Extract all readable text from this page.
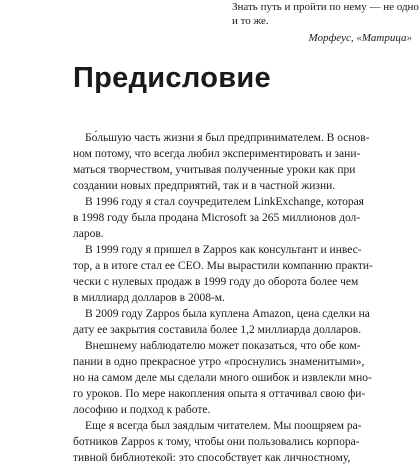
Знать путь и пройти по нему — не одно
и то же.
Морфеус, «Матрица»
Предисловие
Бо́льшую часть жизни я был предпринимателем. В основ-
ном потому, что всегда любил экспериментировать и зани-
маться творчеством, учитывая полученные уроки как при
создании новых предприятий, так и в частной жизни.
В 1996 году я стал соучредителем LinkExchange, которая
в 1998 году была продана Microsoft за 265 миллионов дол-
ларов.
В 1999 году я пришел в Zappos как консультант и инвес-
тор, а в итоге стал ее CEO. Мы вырастили компанию практи-
чески с нулевых продаж в 1999 году до оборота более чем
в миллиард долларов в 2008-м.
В 2009 году Zappos была куплена Amazon, цена сделки на
дату ее закрытия составила более 1,2 миллиарда долларов.
Внешнему наблюдателю может показаться, что обе ком-
пании в одно прекрасное утро «проснулись знаменитыми»,
но на самом деле мы сделали много ошибок и извлекли мно-
го уроков. По мере накопления опыта я оттачивал свою фи-
лософию и подход к работе.
Еще я всегда был заядлым читателем. Мы поощряем ра-
ботников Zappos к тому, чтобы они пользовались корпора-
тивной библиотекой: это способствует как личностному,
